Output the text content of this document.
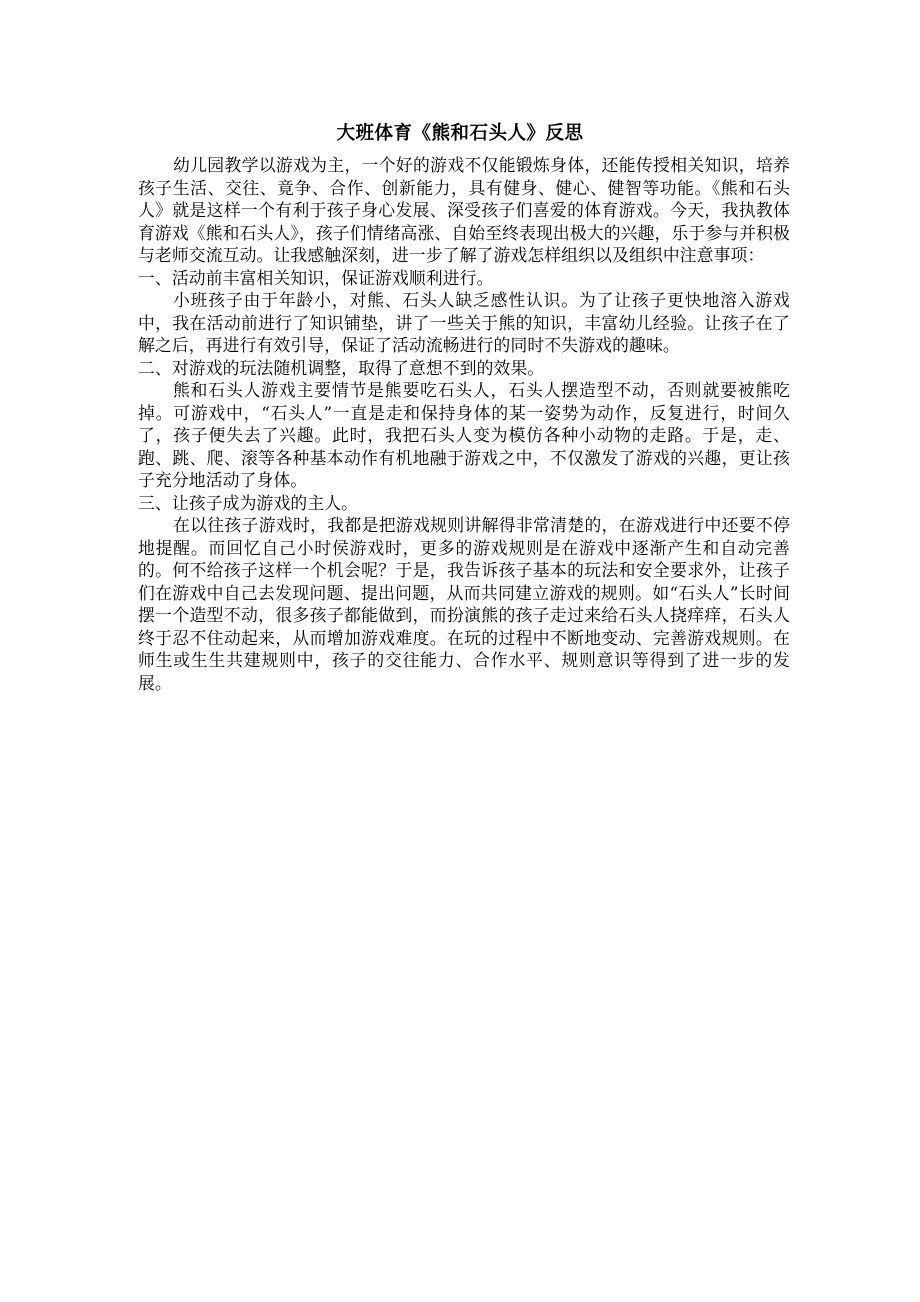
大班体育《熊和石头人》反思

幼儿园教学以游戏为主，一个好的游戏不仅能锻炼身体，还能传授相关知识，培养孩子生活、交往、竟争、合作、创新能力，具有健身、健心、健智等功能。《熊和石头人》就是这样一个有利于孩子身心发展、深受孩子们喜爱的体育游戏。今天，我执教体育游戏《熊和石头人》，孩子们情绪高涨、自始至终表现出极大的兴趣，乐于参与并积极与老师交流互动。让我感触深刻，进一步了解了游戏怎样组织以及组织中注意事项：

一、活动前丰富相关知识，保证游戏顺利进行。

小班孩子由于年龄小，对熊、石头人缺乏感性认识。为了让孩子更快地溶入游戏中，我在活动前进行了知识铺垫，讲了一些关于熊的知识，丰富幼儿经验。让孩子在了解之后，再进行有效引导，保证了活动流畅进行的同时不失游戏的趣味。

二、对游戏的玩法随机调整，取得了意想不到的效果。

熊和石头人游戏主要情节是熊要吃石头人，石头人摆造型不动，否则就要被熊吃掉。可游戏中，“石头人”一直是走和保持身体的某一姿势为动作，反复进行，时间久了，孩子便失去了兴趣。此时，我把石头人变为模仿各种小动物的走路。于是，走、跑、跳、爬、滚等各种基本动作有机地融于游戏之中，不仅激发了游戏的兴趣，更让孩子充分地活动了身体。

三、让孩子成为游戏的主人。

在以往孩子游戏时，我都是把游戏规则讲解得非常清楚的，在游戏进行中还要不停地提醒。而回忆自己小时侯游戏时，更多的游戏规则是在游戏中逐渐产生和自动完善的。何不给孩子这样一个机会呢？于是，我告诉孩子基本的玩法和安全要求外，让孩子们在游戏中自己去发现问题、提出问题，从而共同建立游戏的规则。如“石头人”长时间摆一个造型不动，很多孩子都能做到，而扮演熊的孩子走过来给石头人挠痒痒，石头人终于忍不住动起来，从而增加游戏难度。在玩的过程中不断地变动、完善游戏规则。在师生或生生共建规则中，孩子的交往能力、合作水平、规则意识等得到了进一步的发展。
